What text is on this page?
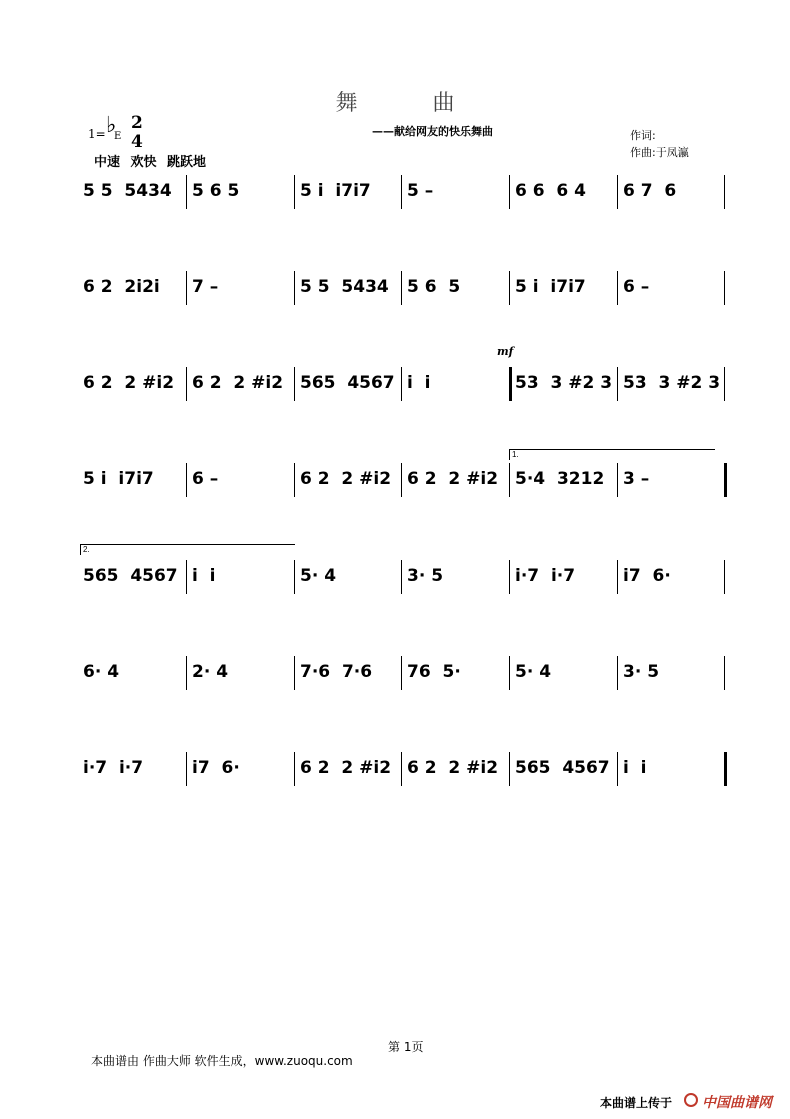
舞 曲
——献给网友的快乐舞曲	作词:
作曲:于凤瀛
1= ♭
E
2
4
中速 欢快 跳跃地
mf
5 5  5434 5 6 5	5 i  i7i7 5 –	6 6  6 4 6 7  6
6 2  2i2i 7 –	5 5  5434 5 6  5	5 i  i7i7 6 –
6 2  2 #i2 6 2  2 #i2 565  4567 i  i	53  3 #2 3 53  3 #2 3
5 i  i7i7 6 –	6 2  2 #i2 6 2  2 #i2 5·4  3212 3 –
565  4567 i  i	5· 4	3· 5	i·7  i·7	i7  6·
6· 4	2· 4	7·6  7·6 76  5·	5· 4	3· 5
i·7  i·7	i7  6·	6 2  2 #i2 6 2  2 #i2 565  4567 i  i
1.
2.
第 1页
本曲谱由 作曲大师 软件生成，www.zuoqu.com
本曲谱上传于 中国曲谱网
